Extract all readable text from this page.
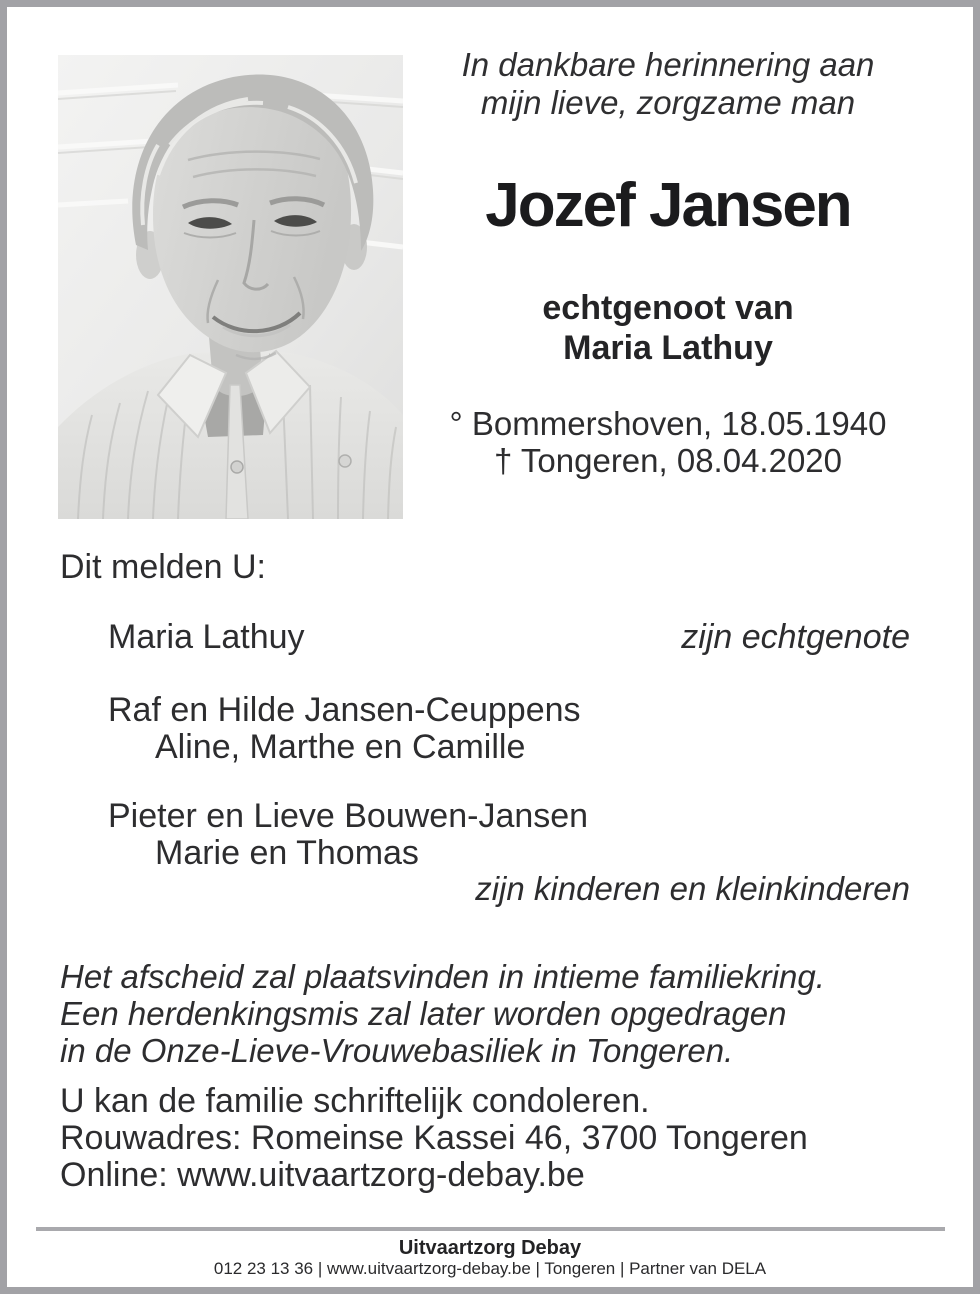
In dankbare herinnering aan
mijn lieve, zorgzame man
Jozef Jansen
echtgenoot van
Maria Lathuy
° Bommershoven, 18.05.1940
† Tongeren, 08.04.2020
Dit melden U:
Maria Lathuy	zijn echtgenote
Raf en Hilde Jansen-Ceuppens
Aline, Marthe en Camille
Pieter en Lieve Bouwen-Jansen
Marie en Thomas
zijn kinderen en kleinkinderen
Het afscheid zal plaatsvinden in intieme familiekring.
Een herdenkingsmis zal later worden opgedragen
in de Onze-Lieve-Vrouwebasiliek in Tongeren.
U kan de familie schriftelijk condoleren.
Rouwadres: Romeinse Kassei 46, 3700 Tongeren
Online: www.uitvaartzorg-debay.be
Uitvaartzorg Debay
012 23 13 36 | www.uitvaartzorg-debay.be | Tongeren | Partner van DELA
